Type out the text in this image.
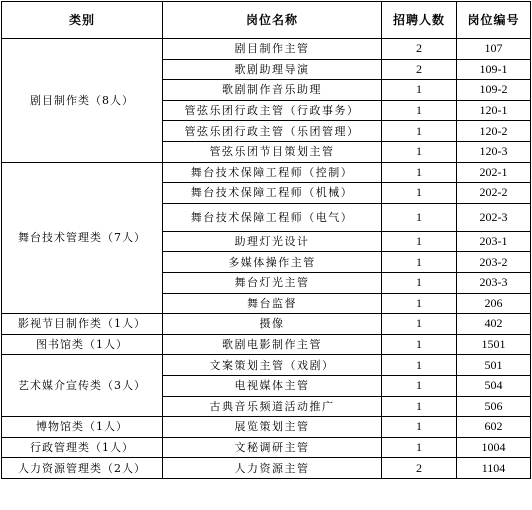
类别	岗位名称	招聘人数	岗位编号
剧目制作类（8人）	剧目制作主管	2	107
	歌剧助理导演	2	109-1
	歌剧制作音乐助理	1	109-2
	管弦乐团行政主管（行政事务）	1	120-1
	管弦乐团行政主管（乐团管理）	1	120-2
	管弦乐团节目策划主管	1	120-3
舞台技术管理类（7人）	舞台技术保障工程师（控制）	1	202-1
	舞台技术保障工程师（机械）	1	202-2
	舞台技术保障工程师（电气）	1	202-3
	助理灯光设计	1	203-1
	多媒体操作主管	1	203-2
	舞台灯光主管	1	203-3
	舞台监督	1	206
影视节目制作类（1人）	摄像	1	402
图书馆类（1人）	歌剧电影制作主管	1	1501
艺术媒介宣传类（3人）	文案策划主管（戏剧）	1	501
	电视媒体主管	1	504
	古典音乐频道活动推广	1	506
博物馆类（1人）	展览策划主管	1	602
行政管理类（1人）	文秘调研主管	1	1004
人力资源管理类（2人）	人力资源主管	2	1104
